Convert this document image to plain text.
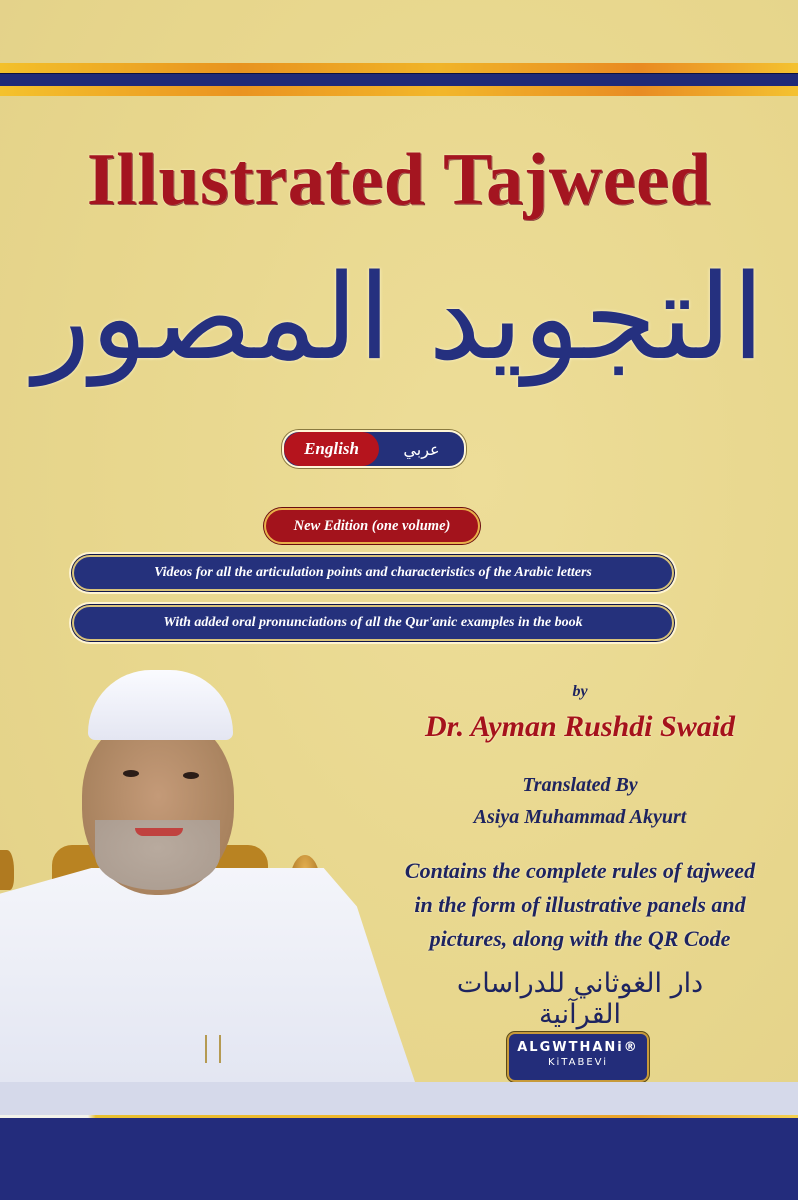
Illustrated Tajweed
التجويد المصور
English	عربي
New Edition (one volume)
Videos for all the articulation points and characteristics of the Arabic letters
With added oral pronunciations of all the Qur'anic examples in the book
by
Dr. Ayman Rushdi Swaid
Translated By
Asiya Muhammad Akyurt
Contains the complete rules of tajweed
in the form of illustrative panels and
pictures, along with the QR Code
دار الغوثاني للدراسات القرآنية
ALGWTHANi®
KiTABEVi
